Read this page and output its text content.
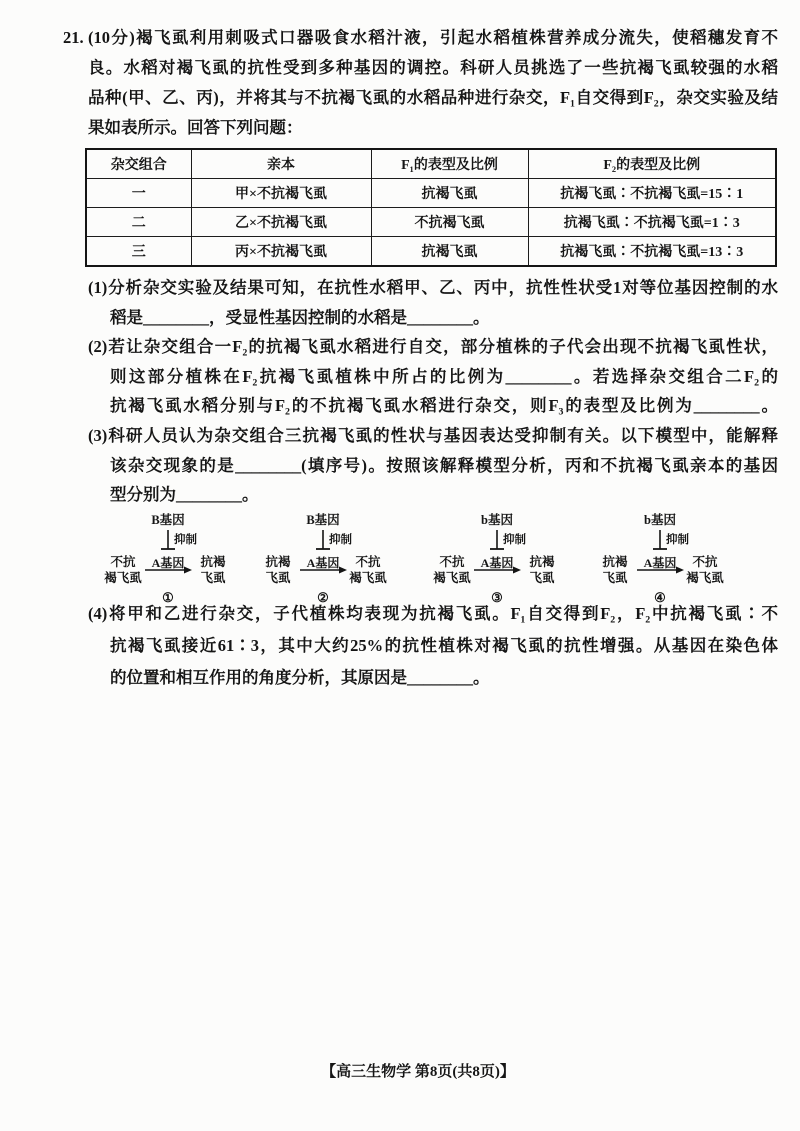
21. (10分)褐飞虱利用刺吸式口器吸食水稻汁液，引起水稻植株营养成分流失，使稻穗发育不
良。水稻对褐飞虱的抗性受到多种基因的调控。科研人员挑选了一些抗褐飞虱较强的水稻
品种(甲、乙、丙)，并将其与不抗褐飞虱的水稻品种进行杂交，F₁自交得到F₂，杂交实验及结
果如表所示。回答下列问题：
杂交组合	亲本	F₁的表型及比例	F₂的表型及比例
一	甲×不抗褐飞虱	抗褐飞虱	抗褐飞虱∶不抗褐飞虱=15∶1
二	乙×不抗褐飞虱	不抗褐飞虱	抗褐飞虱∶不抗褐飞虱=1∶3
三	丙×不抗褐飞虱	抗褐飞虱	抗褐飞虱∶不抗褐飞虱=13∶3
(1)分析杂交实验及结果可知，在抗性水稻甲、乙、丙中，抗性性状受1对等位基因控制的水
稻是________，受显性基因控制的水稻是________。
(2)若让杂交组合一F₂的抗褐飞虱水稻进行自交，部分植株的子代会出现不抗褐飞虱性状，
则这部分植株在F₂抗褐飞虱植株中所占的比例为________。若选择杂交组合二F₂的
抗褐飞虱水稻分别与F₂的不抗褐飞虱水稻进行杂交，则F₃的表型及比例为________。
(3)科研人员认为杂交组合三抗褐飞虱的性状与基因表达受抑制有关。以下模型中，能解释
该杂交现象的是________(填序号)。按照该解释模型分析，丙和不抗褐飞虱亲本的基因
型分别为________。
B基因
抑制
A基因
不抗
褐飞虱
抗褐
飞虱
①
B基因
抑制
A基因
抗褐
飞虱
不抗
褐飞虱
②
b基因
抑制
A基因
不抗
褐飞虱
抗褐
飞虱
③
b基因
抑制
A基因
抗褐
飞虱
不抗
褐飞虱
④
(4)将甲和乙进行杂交，子代植株均表现为抗褐飞虱。F₁自交得到F₂，F₂中抗褐飞虱∶不
抗褐飞虱接近61∶3，其中大约25%的抗性植株对褐飞虱的抗性增强。从基因在染色体
的位置和相互作用的角度分析，其原因是________。
【高三生物学 第8页(共8页)】
